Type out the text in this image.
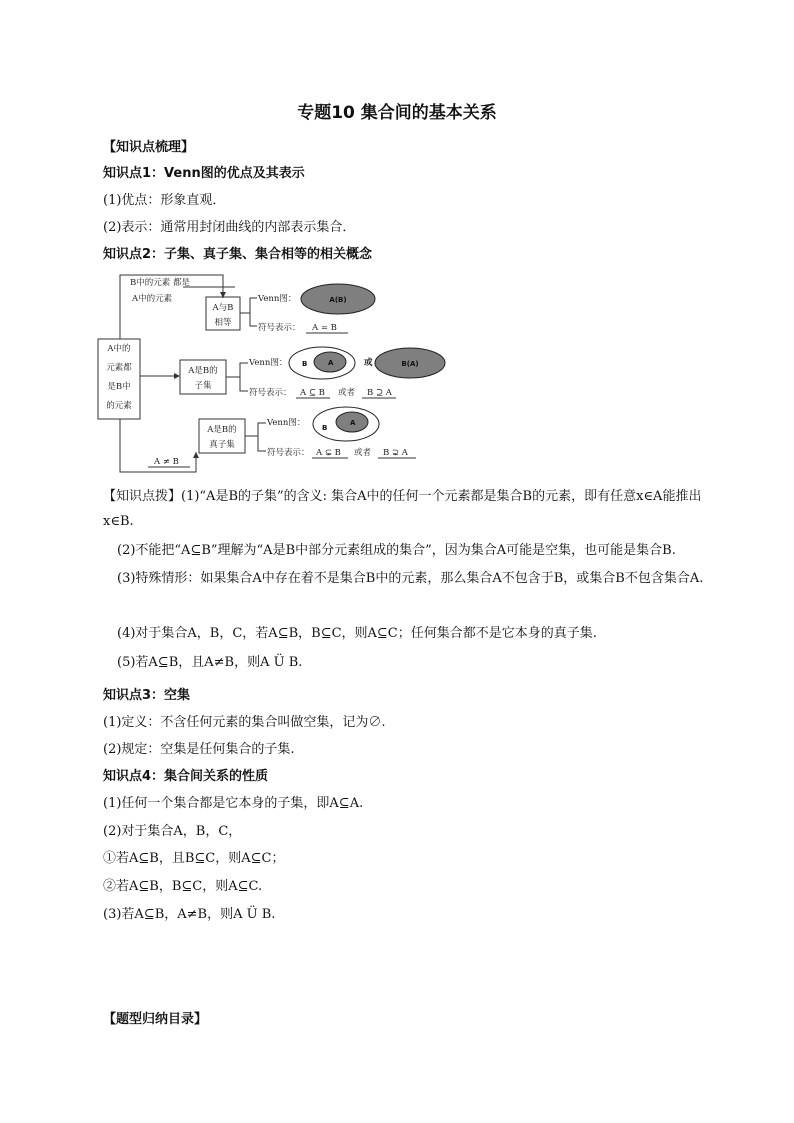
专题10 集合间的基本关系
【知识点梳理】
知识点1：Venn图的优点及其表示
(1)优点：形象直观．
(2)表示：通常用封闭曲线的内部表示集合．
知识点2：子集、真子集、集合相等的相关概念
A中的
元素都
是B中
的元素
B中的元素 都是
A中的元素
A与B
相等
Venn图：	A(B)
符号表示： A = B
A是B的
子集
Venn图： B	A	或	B(A)
符号表示： A ⊆ B 或者 B ⊇ A
A ≠ B
A是B的
真子集
Venn图： B
A
符号表示： A ⊊ B 或者 B ⊋ A
【知识点拨】(1)“A是B的子集”的含义: 集合A中的任何一个元素都是集合B的元素，即有任意x∈A能推出x∈B.
(2)不能把“A⊆B”理解为“A是B中部分元素组成的集合”，因为集合A可能是空集，也可能是集合B.
(3)特殊情形：如果集合A中存在着不是集合B中的元素，那么集合A不包含于B，或集合B不包含集合A.
(4)对于集合A，B，C，若A⊆B，B⊆C，则A⊆C；任何集合都不是它本身的真子集.
(5)若A⊆B，且A≠B，则A Ü B.
知识点3：空集
(1)定义：不含任何元素的集合叫做空集，记为∅.
(2)规定：空集是任何集合的子集.
知识点4：集合间关系的性质
(1)任何一个集合都是它本身的子集，即A⊆A.
(2)对于集合A，B，C，
①若A⊆B，且B⊆C，则A⊆C；
②若A⊆B，B⊆C，则A⊆C.
(3)若A⊆B，A≠B，则A Ü B.
【题型归纳目录】
